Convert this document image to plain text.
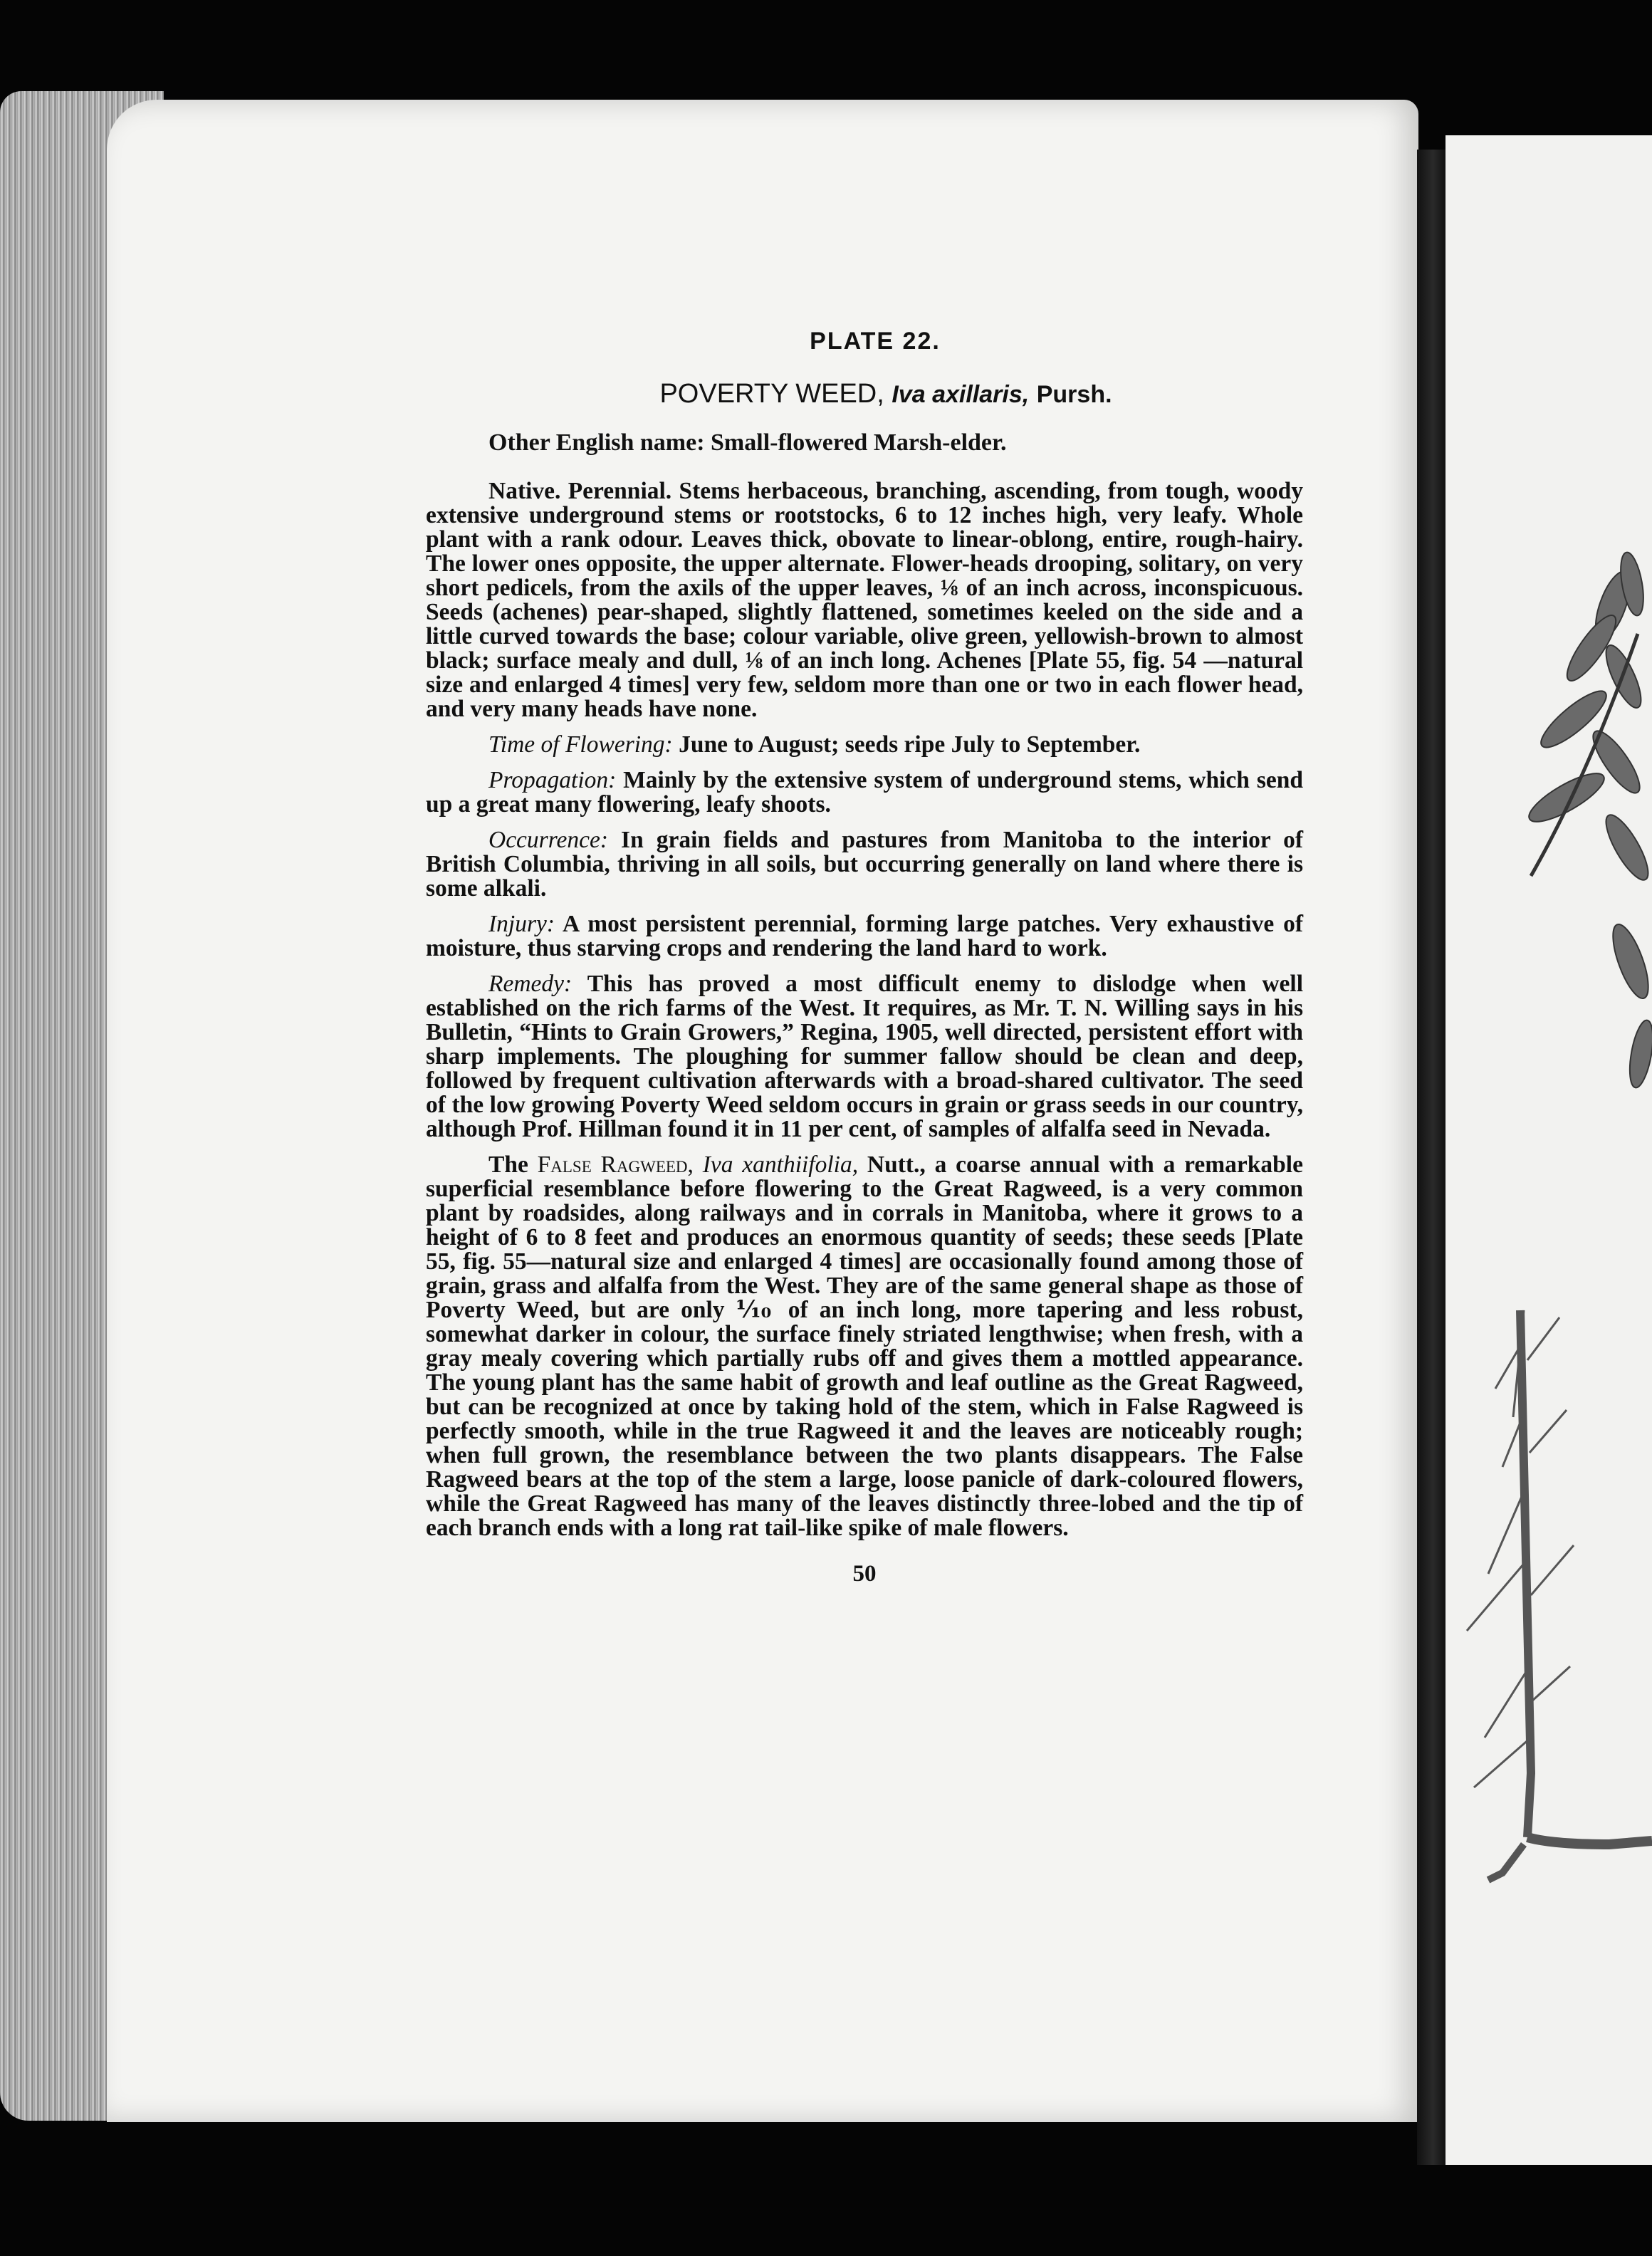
PLATE 22.
POVERTY WEED, Iva axillaris, Pursh.
Other English name: Small-flowered Marsh-elder.

Native. Perennial. Stems herbaceous, branching, ascending, from tough, woody extensive underground stems or rootstocks, 6 to 12 inches high, very leafy. Whole plant with a rank odour. Leaves thick, obovate to linear-oblong, entire, rough-hairy. The lower ones opposite, the upper alternate. Flower-heads drooping, solitary, on very short pedicels, from the axils of the upper leaves, ⅛ of an inch across, inconspicuous. Seeds (achenes) pear-shaped, slightly flattened, sometimes keeled on the side and a little curved towards the base; colour variable, olive green, yellowish-brown to almost black; surface mealy and dull, ⅛ of an inch long. Achenes [Plate 55, fig. 54 —natural size and enlarged 4 times] very few, seldom more than one or two in each flower head, and very many heads have none.

Time of Flowering: June to August; seeds ripe July to September.

Propagation: Mainly by the extensive system of underground stems, which send up a great many flowering, leafy shoots.

Occurrence: In grain fields and pastures from Manitoba to the interior of British Columbia, thriving in all soils, but occurring generally on land where there is some alkali.

Injury: A most persistent perennial, forming large patches. Very exhaustive of moisture, thus starving crops and rendering the land hard to work.

Remedy: This has proved a most difficult enemy to dislodge when well established on the rich farms of the West. It requires, as Mr. T. N. Willing says in his Bulletin, “Hints to Grain Growers,” Regina, 1905, well directed, persistent effort with sharp implements. The ploughing for summer fallow should be clean and deep, followed by frequent cultivation afterwards with a broad-shared cultivator. The seed of the low growing Poverty Weed seldom occurs in grain or grass seeds in our country, although Prof. Hillman found it in 11 per cent, of samples of alfalfa seed in Nevada.

The False Ragweed, Iva xanthiifolia, Nutt., a coarse annual with a remarkable superficial resemblance before flowering to the Great Ragweed, is a very common plant by roadsides, along railways and in corrals in Manitoba, where it grows to a height of 6 to 8 feet and produces an enormous quantity of seeds; these seeds [Plate 55, fig. 55—natural size and enlarged 4 times] are occasionally found among those of grain, grass and alfalfa from the West. They are of the same general shape as those of Poverty Weed, but are only ⅒ of an inch long, more tapering and less robust, somewhat darker in colour, the surface finely striated lengthwise; when fresh, with a gray mealy covering which partially rubs off and gives them a mottled appearance. The young plant has the same habit of growth and leaf outline as the Great Ragweed, but can be recognized at once by taking hold of the stem, which in False Ragweed is perfectly smooth, while in the true Ragweed it and the leaves are noticeably rough; when full grown, the resemblance between the two plants disappears. The False Ragweed bears at the top of the stem a large, loose panicle of dark-coloured flowers, while the Great Ragweed has many of the leaves distinctly three-lobed and the tip of each branch ends with a long rat tail-like spike of male flowers.

50
